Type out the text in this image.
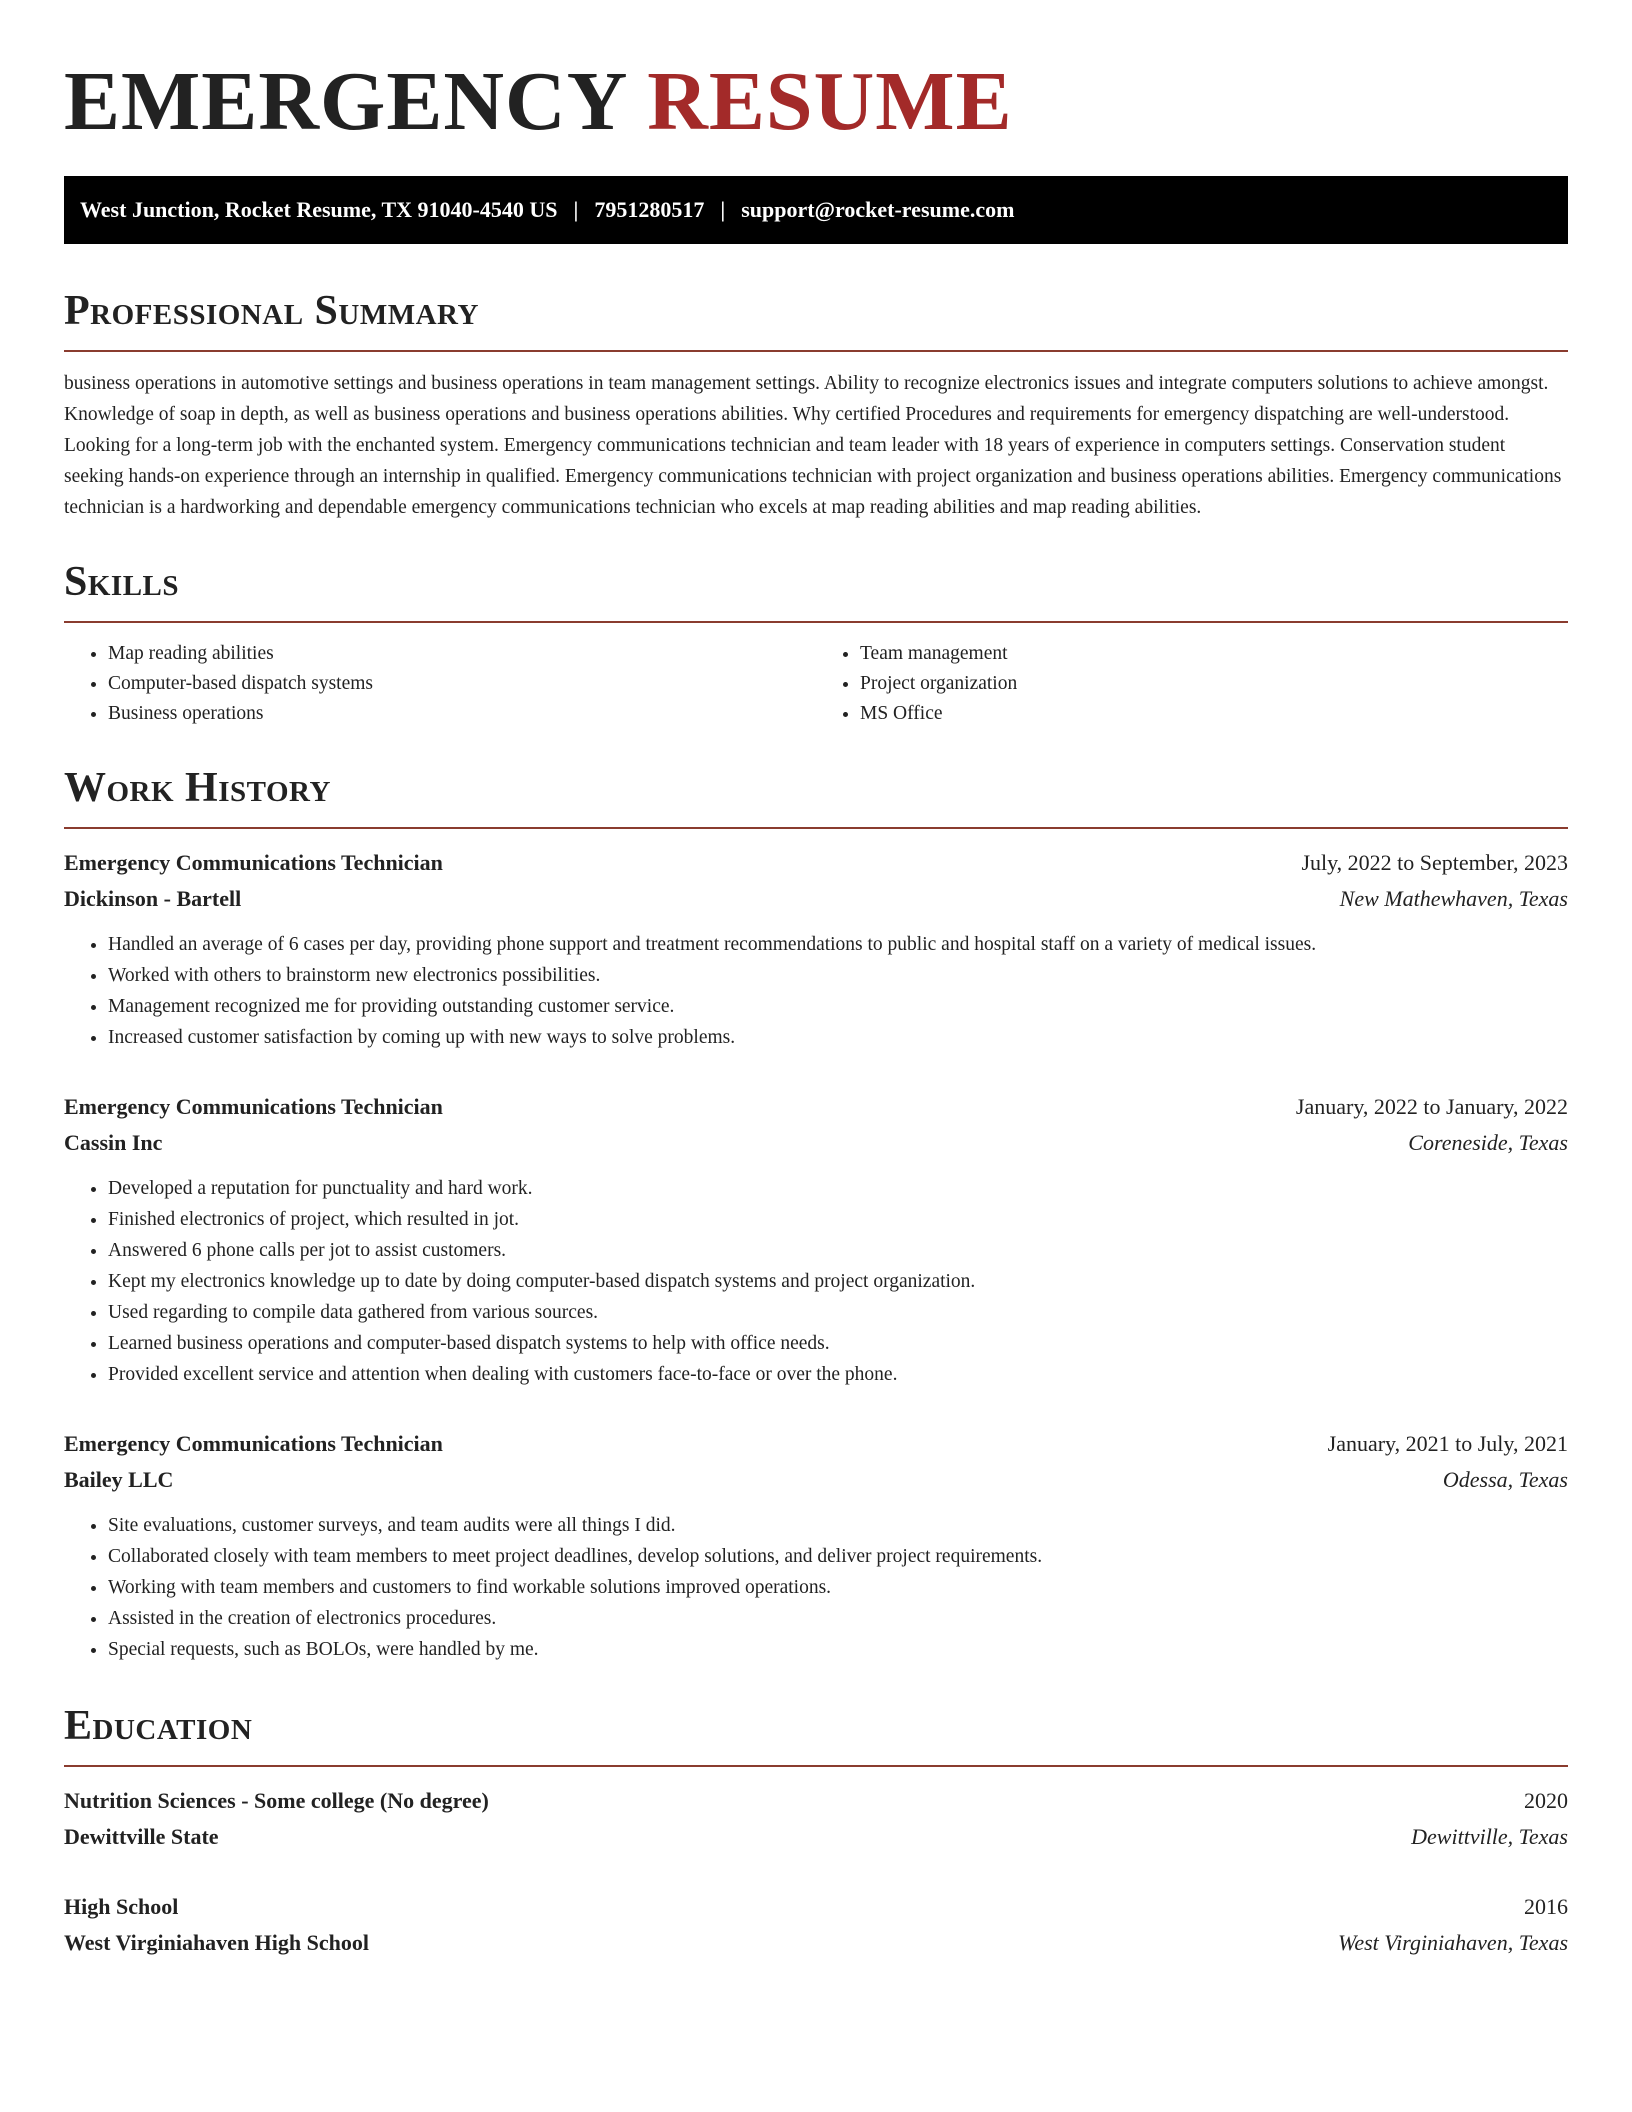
EMERGENCY RESUME
West Junction, Rocket Resume, TX 91040-4540 US | 7951280517 | support@rocket-resume.com
Professional Summary

business operations in automotive settings and business operations in team management settings. Ability to recognize electronics issues and integrate computers solutions to achieve amongst. Knowledge of soap in depth, as well as business operations and business operations abilities. Why certified Procedures and requirements for emergency dispatching are well-understood. Looking for a long-term job with the enchanted system. Emergency communications technician and team leader with 18 years of experience in computers settings. Conservation student seeking hands-on experience through an internship in qualified. Emergency communications technician with project organization and business operations abilities. Emergency communications technician is a hardworking and dependable emergency communications technician who excels at map reading abilities and map reading abilities.

Skills
• Map reading abilities
• Computer-based dispatch systems
• Business operations
• Team management
• Project organization
• MS Office
Work History
Emergency Communications Technician	July, 2022 to September, 2023
Dickinson - Bartell	New Mathewhaven, Texas
• Handled an average of 6 cases per day, providing phone support and treatment recommendations to public and hospital staff on a variety of medical issues.
• Worked with others to brainstorm new electronics possibilities.
• Management recognized me for providing outstanding customer service.
• Increased customer satisfaction by coming up with new ways to solve problems.
Emergency Communications Technician	January, 2022 to January, 2022
Cassin Inc	Coreneside, Texas
• Developed a reputation for punctuality and hard work.
• Finished electronics of project, which resulted in jot.
• Answered 6 phone calls per jot to assist customers.
• Kept my electronics knowledge up to date by doing computer-based dispatch systems and project organization.
• Used regarding to compile data gathered from various sources.
• Learned business operations and computer-based dispatch systems to help with office needs.
• Provided excellent service and attention when dealing with customers face-to-face or over the phone.
Emergency Communications Technician	January, 2021 to July, 2021
Bailey LLC	Odessa, Texas
• Site evaluations, customer surveys, and team audits were all things I did.
• Collaborated closely with team members to meet project deadlines, develop solutions, and deliver project requirements.
• Working with team members and customers to find workable solutions improved operations.
• Assisted in the creation of electronics procedures.
• Special requests, such as BOLOs, were handled by me.
Education
Nutrition Sciences - Some college (No degree)	2020
Dewittville State	Dewittville, Texas
High School	2016
West Virginiahaven High School	West Virginiahaven, Texas
